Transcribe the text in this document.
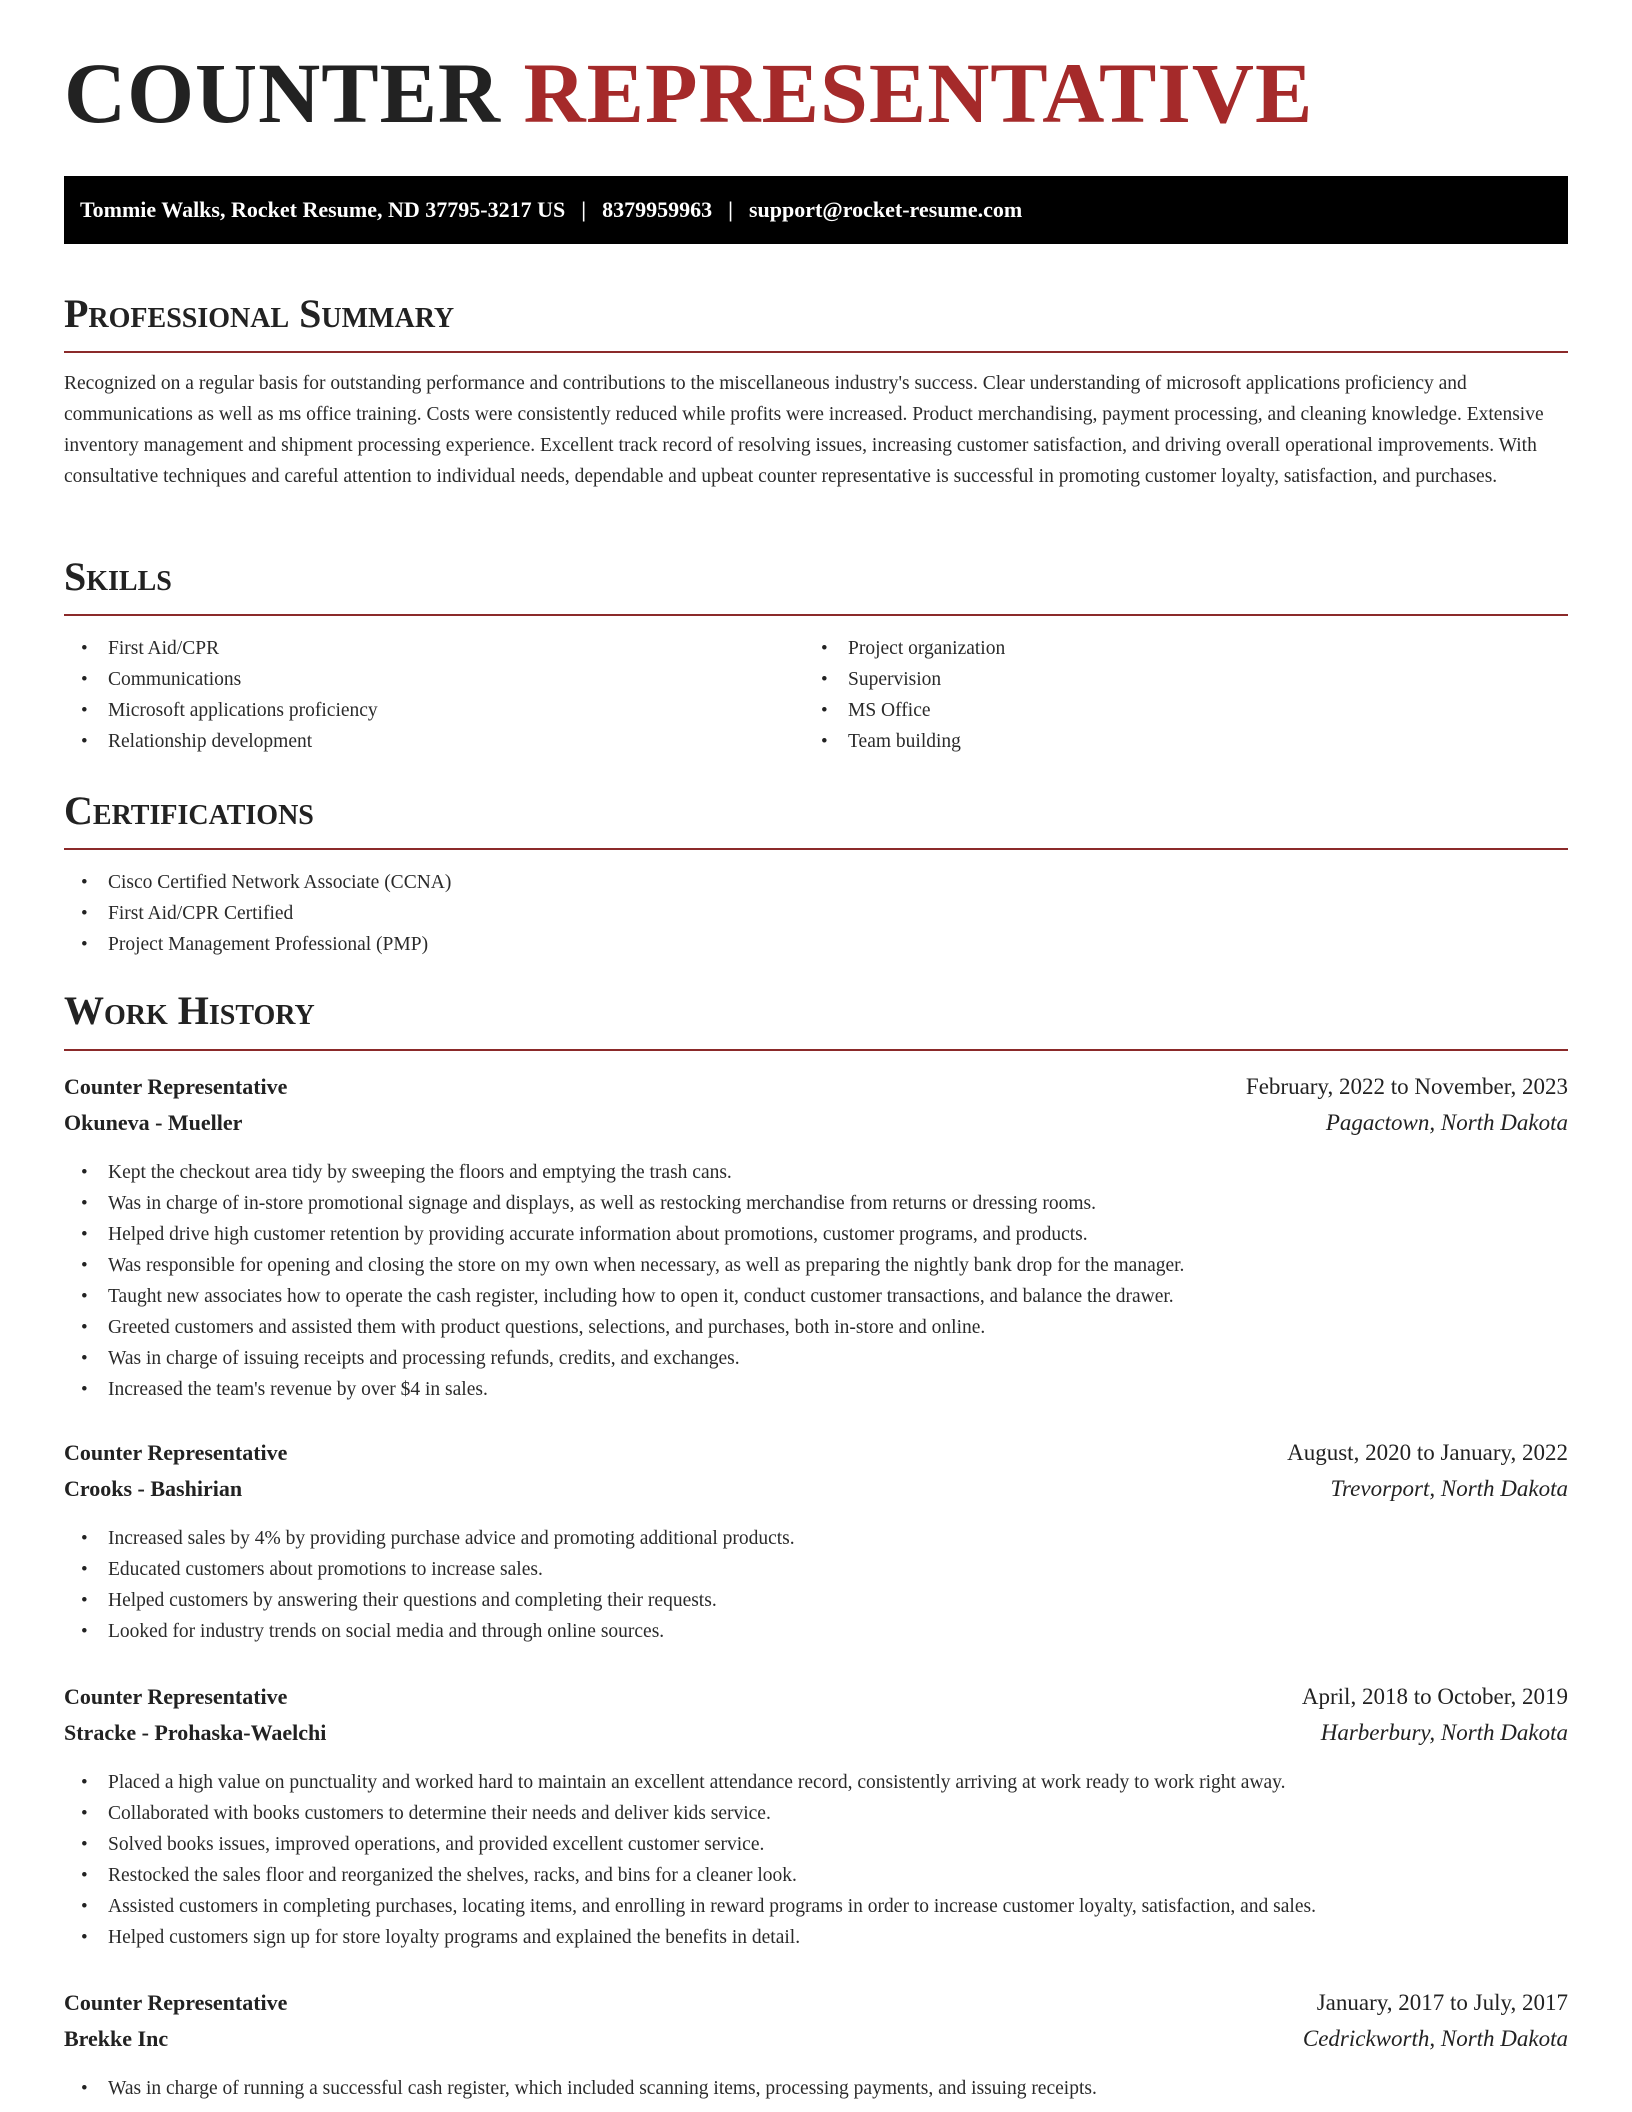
COUNTER REPRESENTATIVE
Tommie Walks, Rocket Resume, ND 37795-3217 US | 8379959963 | support@rocket-resume.com
Professional Summary

Recognized on a regular basis for outstanding performance and contributions to the miscellaneous industry's success. Clear understanding of microsoft applications proficiency and communications as well as ms office training. Costs were consistently reduced while profits were increased. Product merchandising, payment processing, and cleaning knowledge. Extensive inventory management and shipment processing experience. Excellent track record of resolving issues, increasing customer satisfaction, and driving overall operational improvements. With consultative techniques and careful attention to individual needs, dependable and upbeat counter representative is successful in promoting customer loyalty, satisfaction, and purchases.

Skills
• First Aid/CPR
• Communications
• Microsoft applications proficiency
• Relationship development
• Project organization
• Supervision
• MS Office
• Team building
Certifications
• Cisco Certified Network Associate (CCNA)
• First Aid/CPR Certified
• Project Management Professional (PMP)
Work History
Counter Representative	February, 2022 to November, 2023
Okuneva - Mueller	Pagactown, North Dakota
• Kept the checkout area tidy by sweeping the floors and emptying the trash cans.
• Was in charge of in-store promotional signage and displays, as well as restocking merchandise from returns or dressing rooms.
• Helped drive high customer retention by providing accurate information about promotions, customer programs, and products.
• Was responsible for opening and closing the store on my own when necessary, as well as preparing the nightly bank drop for the manager.
• Taught new associates how to operate the cash register, including how to open it, conduct customer transactions, and balance the drawer.
• Greeted customers and assisted them with product questions, selections, and purchases, both in-store and online.
• Was in charge of issuing receipts and processing refunds, credits, and exchanges.
• Increased the team's revenue by over $4 in sales.
Counter Representative	August, 2020 to January, 2022
Crooks - Bashirian	Trevorport, North Dakota
• Increased sales by 4% by providing purchase advice and promoting additional products.
• Educated customers about promotions to increase sales.
• Helped customers by answering their questions and completing their requests.
• Looked for industry trends on social media and through online sources.
Counter Representative	April, 2018 to October, 2019
Stracke - Prohaska-Waelchi	Harberbury, North Dakota
• Placed a high value on punctuality and worked hard to maintain an excellent attendance record, consistently arriving at work ready to work right away.
• Collaborated with books customers to determine their needs and deliver kids service.
• Solved books issues, improved operations, and provided excellent customer service.
• Restocked the sales floor and reorganized the shelves, racks, and bins for a cleaner look.
• Assisted customers in completing purchases, locating items, and enrolling in reward programs in order to increase customer loyalty, satisfaction, and sales.
• Helped customers sign up for store loyalty programs and explained the benefits in detail.
Counter Representative	January, 2017 to July, 2017
Brekke Inc	Cedrickworth, North Dakota
• Was in charge of running a successful cash register, which included scanning items, processing payments, and issuing receipts.
